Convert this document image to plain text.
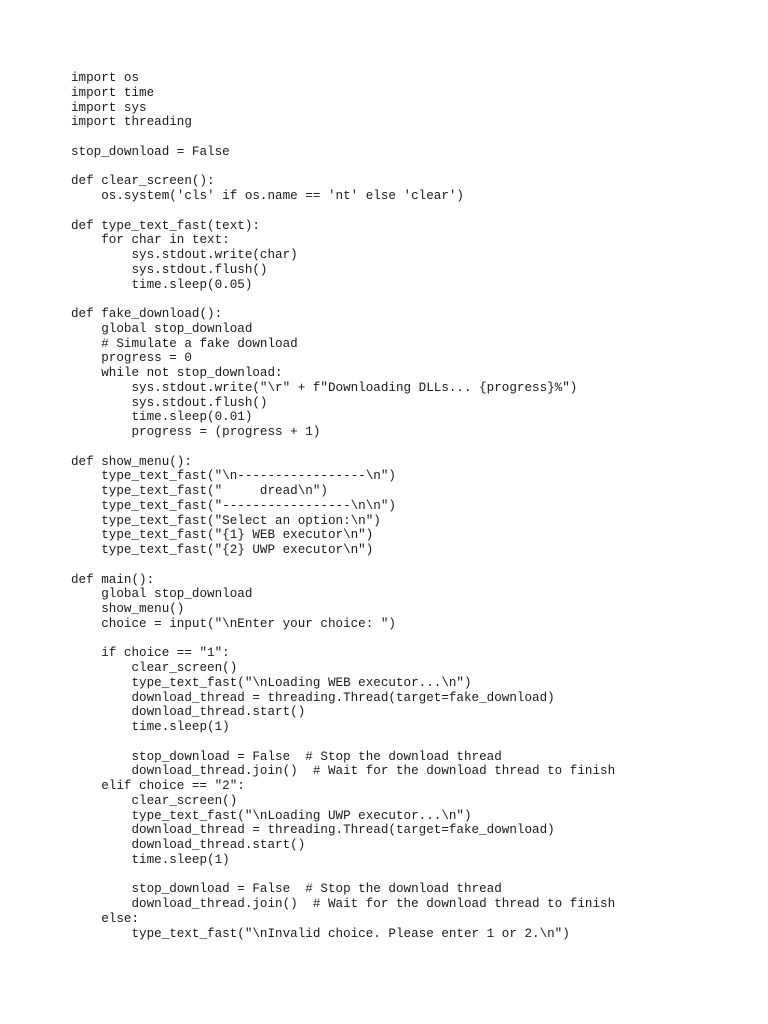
import os
import time
import sys
import threading
stop_download = False
def clear_screen():
os.system('cls' if os.name == 'nt' else 'clear')
def type_text_fast(text):
for char in text:
sys.stdout.write(char)
sys.stdout.flush()
time.sleep(0.05)
def fake_download():
global stop_download
# Simulate a fake download
progress = 0
while not stop_download:
sys.stdout.write("\r" + f"Downloading DLLs... {progress}%")
sys.stdout.flush()
time.sleep(0.01)
progress = (progress + 1)
def show_menu():
type_text_fast("\n-----------------\n")
type_text_fast("     dread\n")
type_text_fast("-----------------\n\n")
type_text_fast("Select an option:\n")
type_text_fast("{1} WEB executor\n")
type_text_fast("{2} UWP executor\n")
def main():
global stop_download
show_menu()
choice = input("\nEnter your choice: ")
if choice == "1":
clear_screen()
type_text_fast("\nLoading WEB executor...\n")
download_thread = threading.Thread(target=fake_download)
download_thread.start()
time.sleep(1)
stop_download = False  # Stop the download thread
download_thread.join()  # Wait for the download thread to finish
elif choice == "2":
clear_screen()
type_text_fast("\nLoading UWP executor...\n")
download_thread = threading.Thread(target=fake_download)
download_thread.start()
time.sleep(1)
stop_download = False  # Stop the download thread
download_thread.join()  # Wait for the download thread to finish
else:
type_text_fast("\nInvalid choice. Please enter 1 or 2.\n")
